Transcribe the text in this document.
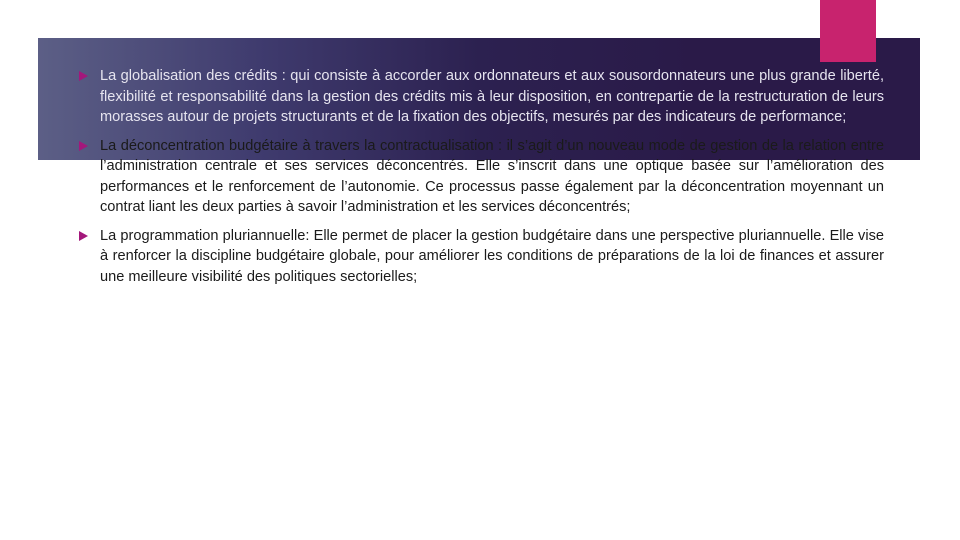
La globalisation des crédits : qui consiste à accorder aux ordonnateurs et aux sousordonnateurs une plus grande liberté, flexibilité et responsabilité dans la gestion des crédits mis à leur disposition, en contrepartie de la restructuration de leurs morasses autour de projets structurants et de la fixation des objectifs, mesurés par des indicateurs de performance;

La déconcentration budgétaire à travers la contractualisation : il s’agit d’un nouveau mode de gestion de la relation entre l’administration centrale et ses services déconcentrés. Elle s’inscrit dans une optique basée sur l’amélioration des performances et le renforcement de l’autonomie. Ce processus passe également par la déconcentration moyennant un contrat liant les deux parties à savoir l’administration et les services déconcentrés;

La programmation pluriannuelle: Elle permet de placer la gestion budgétaire dans une perspective pluriannuelle. Elle vise à renforcer la discipline budgétaire globale, pour améliorer les conditions de préparations de la loi de finances et assurer une meilleure visibilité des politiques sectorielles;
